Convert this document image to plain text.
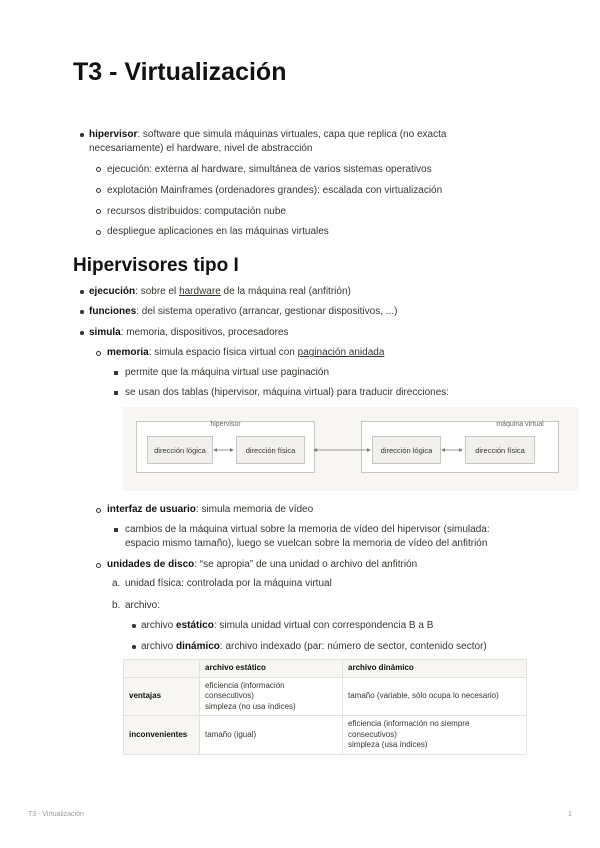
T3 - Virtualización
hipervisor: software que simula máquinas virtuales, capa que replica (no exacta
necesariamente) el hardware, nivel de abstracción
ejecución: externa al hardware, simultánea de varios sistemas operativos
explotación Mainframes (ordenadores grandes): escalada con virtualización
recursos distribuidos: computación nube
despliegue aplicaciones en las máquinas virtuales
Hipervisores tipo I
ejecución: sobre el hardware de la máquina real (anfitrión)
funciones: del sistema operativo (arrancar, gestionar dispositivos, ...)
simula: memoria, dispositivos, procesadores
memoria: simula espacio física virtual con paginación anidada
permite que la máquina virtual use paginación
se usan dos tablas (hipervisor, máquina virtual) para traducir direcciones:
hipervisor
dirección lógica	dirección física
máquina virtual
dirección lógica	dirección física
interfaz de usuario: simula memoria de vídeo
cambios de la máquina virtual sobre la memoria de vídeo del hipervisor (simulada:
espacio mismo tamaño), luego se vuelcan sobre la memoria de vídeo del anfitrión
unidades de disco: “se apropia” de una unidad o archivo del anfitrión
a. unidad física: controlada por la máquina virtual
b. archivo:
archivo estático: simula unidad virtual con correspondencia B a B
archivo dinámico: archivo indexado (par: número de sector, contenido sector)
	archivo estático	archivo dinámico
ventajas	eficiencia (información
consecutivos)
simpleza (no usa índices)	tamaño (variable, sólo ocupa lo necesario)
inconvenientes	tamaño (igual)	eficiencia (información no siempre
consecutivos)
simpleza (usa índices)
T3 - Virtualización	1
